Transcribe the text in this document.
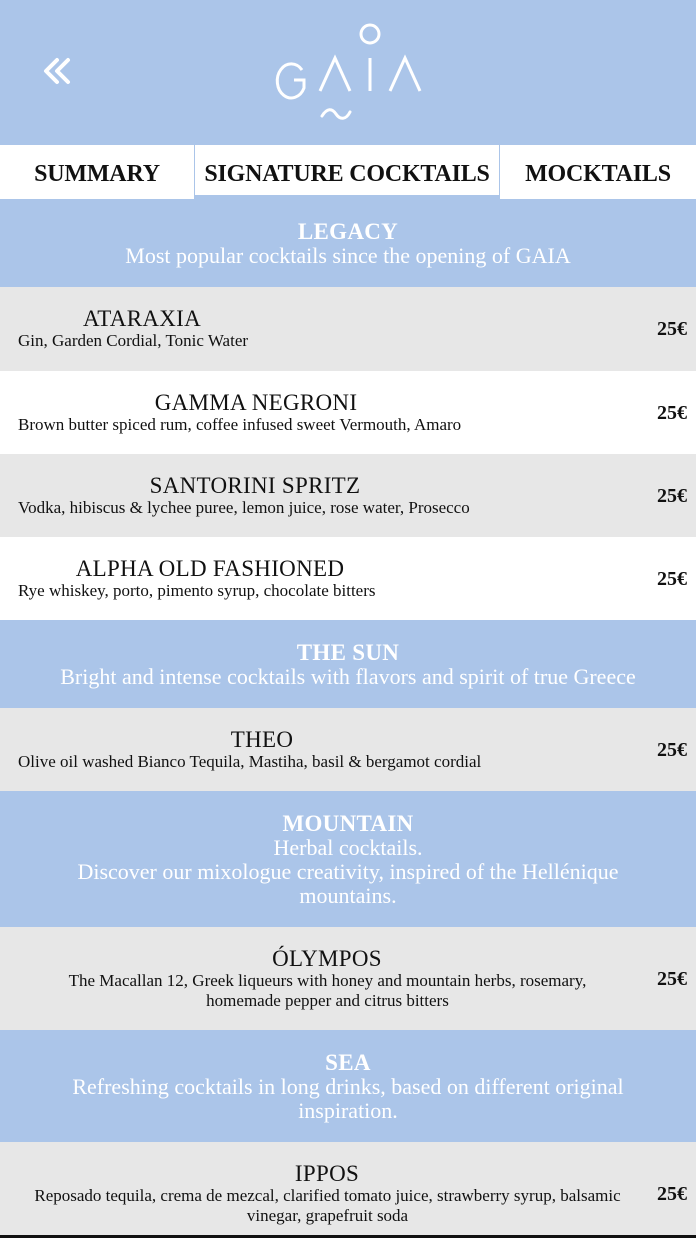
SUMMARY	SIGNATURE COCKTAILS	MOCKTAILS
LEGACY
Most popular cocktails since the opening of GAIA
ATARAXIA
Gin, Garden Cordial, Tonic Water
25€
GAMMA NEGRONI
Brown butter spiced rum, coffee infused sweet Vermouth, Amaro
25€
SANTORINI SPRITZ
Vodka, hibiscus & lychee puree, lemon juice, rose water, Prosecco
25€
ALPHA OLD FASHIONED
Rye whiskey, porto, pimento syrup, chocolate bitters
25€
THE SUN
Bright and intense cocktails with flavors and spirit of true Greece
THEO
Olive oil washed Bianco Tequila, Mastiha, basil & bergamot cordial
25€
MOUNTAIN
Herbal cocktails.
Discover our mixologue creativity, inspired of the Hellénique mountains.
ÓLYMPOS
The Macallan 12, Greek liqueurs with honey and mountain herbs, rosemary, homemade pepper and citrus bitters
25€
SEA
Refreshing cocktails in long drinks, based on different original inspiration.
IPPOS
Reposado tequila, crema de mezcal, clarified tomato juice, strawberry syrup, balsamic vinegar, grapefruit soda
25€
